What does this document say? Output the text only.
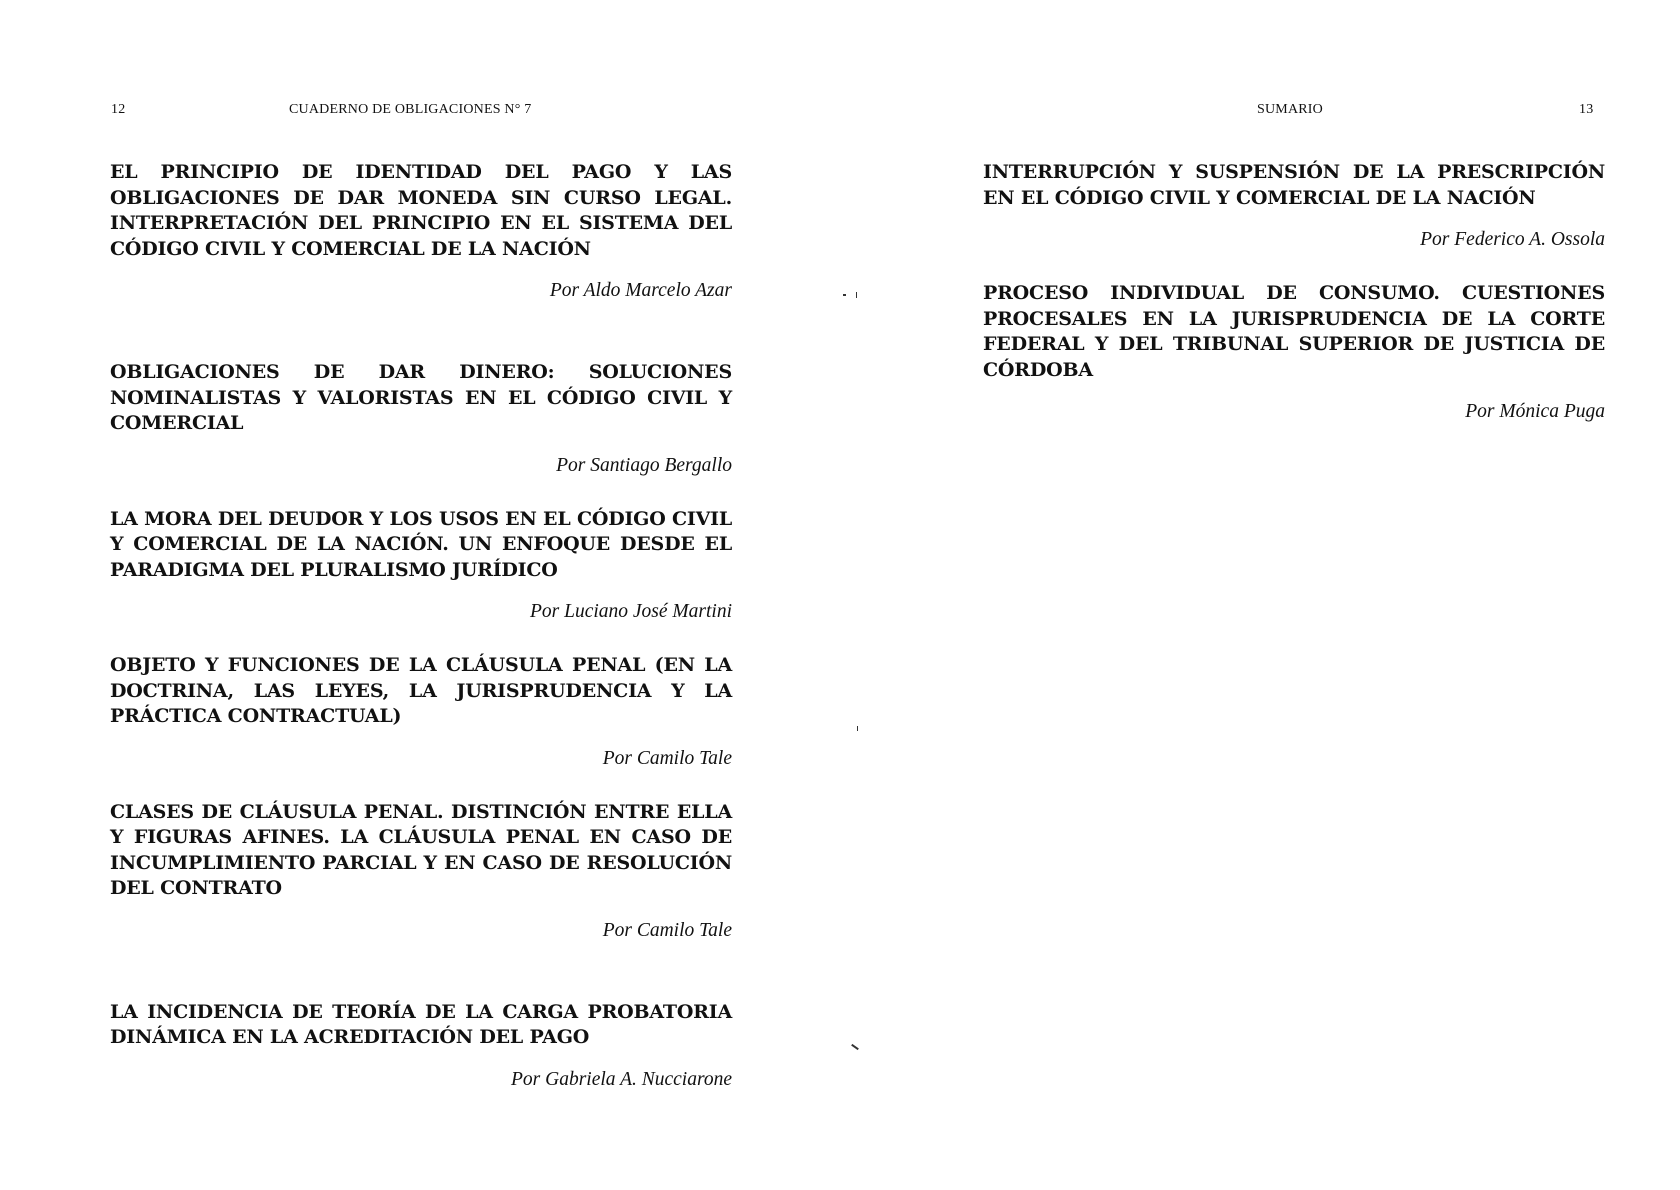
12	CUADERNO DE OBLIGACIONES N° 7

EL PRINCIPIO DE IDENTIDAD DEL PAGO Y LAS OBLIGACIONES DE DAR MONEDA SIN CURSO LEGAL. INTERPRETACIÓN DEL PRINCIPIO EN EL SISTEMA DEL CÓDIGO CIVIL Y COMERCIAL DE LA NACIÓN

Por Aldo Marcelo Azar

OBLIGACIONES DE DAR DINERO: SOLUCIONES NOMINALISTAS Y VALORISTAS EN EL CÓDIGO CIVIL Y COMERCIAL

Por Santiago Bergallo

LA MORA DEL DEUDOR Y LOS USOS EN EL CÓDIGO CIVIL Y COMERCIAL DE LA NACIÓN. UN ENFOQUE DESDE EL PARADIGMA DEL PLURALISMO JURÍDICO

Por Luciano José Martini

OBJETO Y FUNCIONES DE LA CLÁUSULA PENAL (EN LA DOCTRINA, LAS LEYES, LA JURISPRUDENCIA Y LA PRÁCTICA CONTRACTUAL)

Por Camilo Tale

CLASES DE CLÁUSULA PENAL. DISTINCIÓN ENTRE ELLA Y FIGURAS AFINES. LA CLÁUSULA PENAL EN CASO DE INCUMPLIMIENTO PARCIAL Y EN CASO DE RESOLUCIÓN DEL CONTRATO

Por Camilo Tale

LA INCIDENCIA DE TEORÍA DE LA CARGA PROBATORIA DINÁMICA EN LA ACREDITACIÓN DEL PAGO

Por Gabriela A. Nucciarone

SUMARIO	13

INTERRUPCIÓN Y SUSPENSIÓN DE LA PRESCRIPCIÓN EN EL CÓDIGO CIVIL Y COMERCIAL DE LA NACIÓN

Por Federico A. Ossola

PROCESO INDIVIDUAL DE CONSUMO. CUESTIONES PROCESALES EN LA JURISPRUDENCIA DE LA CORTE FEDERAL Y DEL TRIBUNAL SUPERIOR DE JUSTICIA DE CÓRDOBA

Por Mónica Puga
